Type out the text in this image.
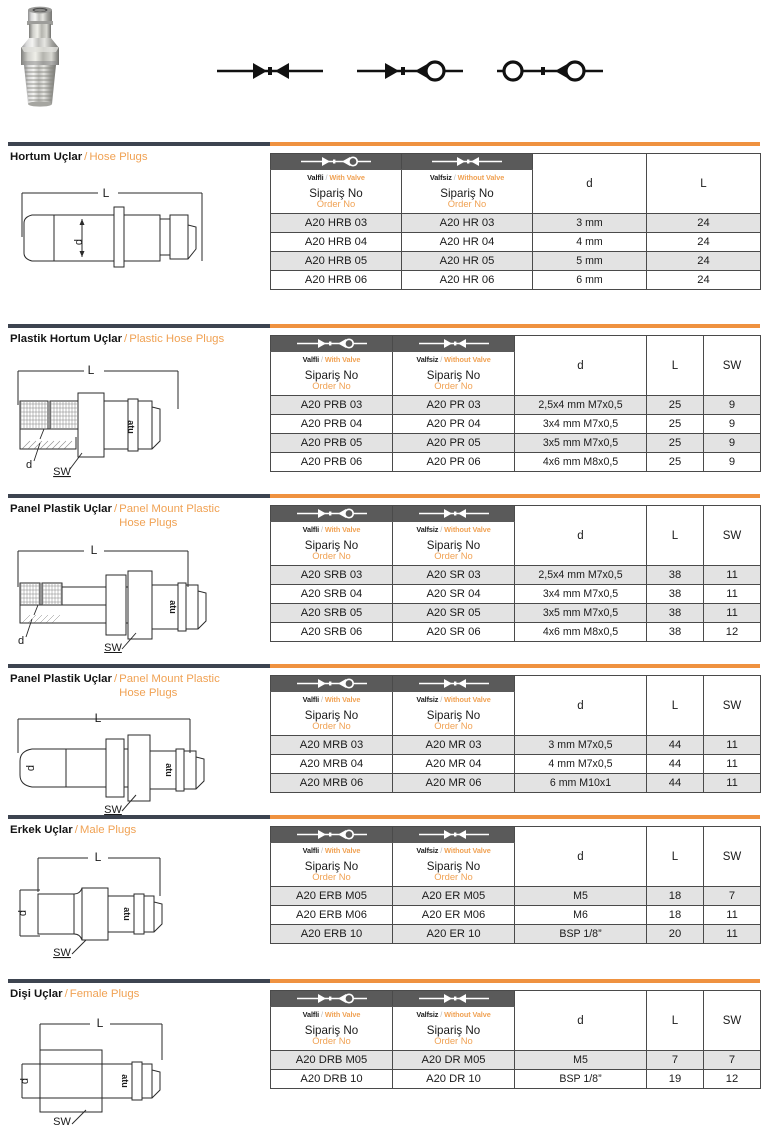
Hortum Uçlar / Hose Plugs
L
d

	d	L
Valfli / With Valve	Valfsiz / Without Valve		

Sipariş No
Order No	Sipariş No
Order No		

A20 HRB 03	A20 HR 03	3 mm	24
A20 HRB 04	A20 HR 04	4 mm	24
A20 HRB 05	A20 HR 05	5 mm	24
A20 HRB 06	A20 HR 06	6 mm	24
Plastik Hortum Uçlar / Plastic Hose Plugs
L
d
SW
atu

	d	L	SW
Valfli / With Valve	Valfsiz / Without Valve			

Sipariş No
Order No	Sipariş No
Order No			

A20 PRB 03	A20 PR 03	2,5x4 mm M7x0,5	25	9
A20 PRB 04	A20 PR 04	3x4 mm M7x0,5	25	9
A20 PRB 05	A20 PR 05	3x5 mm M7x0,5	25	9
A20 PRB 06	A20 PR 06	4x6 mm M8x0,5	25	9
Panel Plastik Uçlar / Panel Mount Plastic Hose Plugs
L
d
SW
atu

	d	L	SW
Valfli / With Valve	Valfsiz / Without Valve			

Sipariş No
Order No	Sipariş No
Order No			

A20 SRB 03	A20 SR 03	2,5x4 mm M7x0,5	38	11
A20 SRB 04	A20 SR 04	3x4 mm M7x0,5	38	11
A20 SRB 05	A20 SR 05	3x5 mm M7x0,5	38	11
A20 SRB 06	A20 SR 06	4x6 mm M8x0,5	38	12
Panel Plastik Uçlar / Panel Mount Plastic Hose Plugs
L
d
SW
atu

	d	L	SW
Valfli / With Valve	Valfsiz / Without Valve			

Sipariş No
Order No	Sipariş No
Order No			

A20 MRB 03	A20 MR 03	3 mm M7x0,5	44	11
A20 MRB 04	A20 MR 04	4 mm M7x0,5	44	11
A20 MRB 06	A20 MR 06	6 mm M10x1	44	11
Erkek Uçlar / Male Plugs
L
d
SW
atu

	d	L	SW
Valfli / With Valve	Valfsiz / Without Valve			

Sipariş No
Order No	Sipariş No
Order No			

A20 ERB M05	A20 ER M05	M5	18	7
A20 ERB M06	A20 ER M06	M6	18	11
A20 ERB 10	A20 ER 10	BSP 1/8”	20	11
Dişi Uçlar / Female Plugs
L
d
SW
atu

	d	L	SW
Valfli / With Valve	Valfsiz / Without Valve			

Sipariş No
Order No	Sipariş No
Order No			

A20 DRB M05	A20 DR M05	M5	7	7
A20 DRB 10	A20 DR 10	BSP 1/8”	19	12
